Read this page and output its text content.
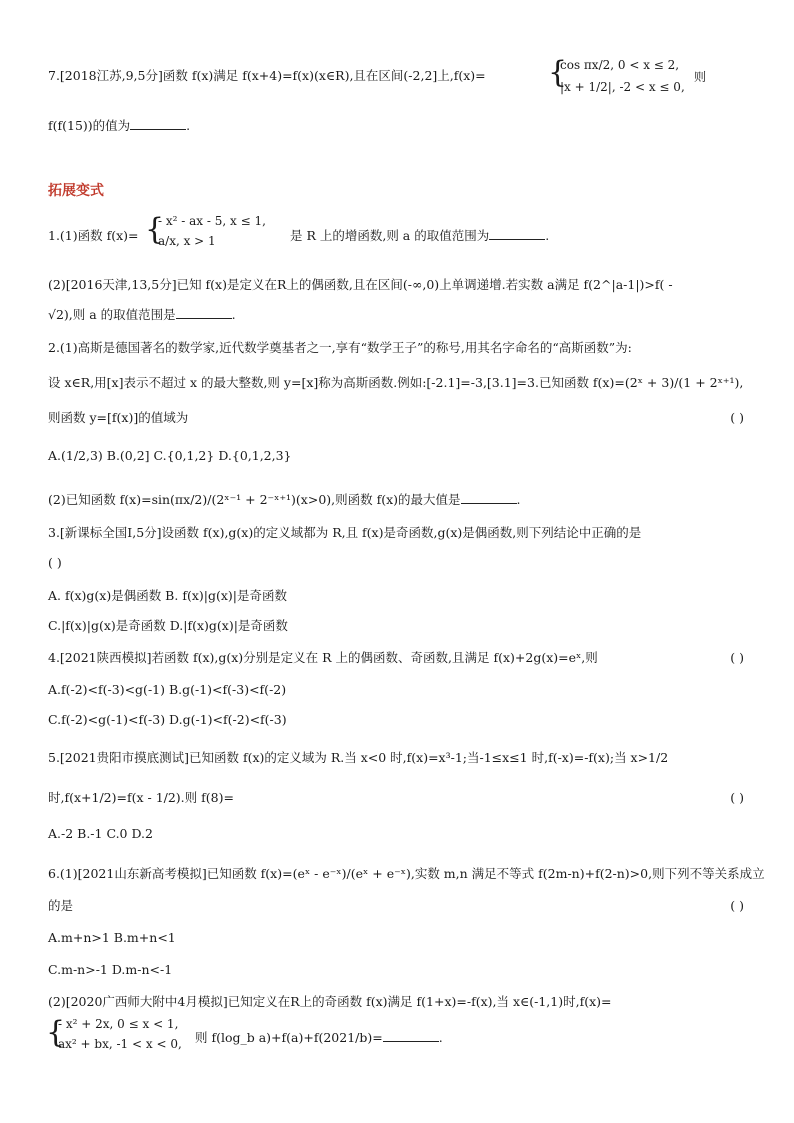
7.[2018江苏,9,5分]函数 f(x)满足 f(x+4)=f(x)(x∈R),且在区间(-2,2]上,f(x)= {
cos πx/2, 0 < x ≤ 2,
|x + 1/2|, -2 < x ≤ 0,
则
f(f(15))的值为	.
拓展变式
1.(1)函数 f(x)= {
- x² - ax - 5, x ≤ 1,
a/x, x > 1	是 R 上的增函数,则 a 的取值范围为	.
(2)[2016天津,13,5分]已知 f(x)是定义在R上的偶函数,且在区间(-∞,0)上单调递增.若实数 a满足 f(2^|a-1|)>f( -
√2),则 a 的取值范围是	.
2.(1)高斯是德国著名的数学家,近代数学奠基者之一,享有“数学王子”的称号,用其名字命名的“高斯函数”为:
设 x∈R,用[x]表示不超过 x 的最大整数,则 y=[x]称为高斯函数.例如:[-2.1]=-3,[3.1]=3.已知函数 f(x)=(2ˣ + 3)/(1 + 2ˣ⁺¹),
则函数 y=[f(x)]的值域为	( )
A.(1/2,3) B.(0,2] C.{0,1,2} D.{0,1,2,3}
(2)已知函数 f(x)=sin(πx/2)/(2ˣ⁻¹ + 2⁻ˣ⁺¹)(x>0),则函数 f(x)的最大值是	.
3.[新课标全国Ⅰ,5分]设函数 f(x),g(x)的定义域都为 R,且 f(x)是奇函数,g(x)是偶函数,则下列结论中正确的是
( )
A. f(x)g(x)是偶函数 B. f(x)|g(x)|是奇函数
C.|f(x)|g(x)是奇函数 D.|f(x)g(x)|是奇函数
4.[2021陕西模拟]若函数 f(x),g(x)分别是定义在 R 上的偶函数、奇函数,且满足 f(x)+2g(x)=eˣ,则	( )
A.f(-2)<f(-3)<g(-1) B.g(-1)<f(-3)<f(-2)
C.f(-2)<g(-1)<f(-3) D.g(-1)<f(-2)<f(-3)
5.[2021贵阳市摸底测试]已知函数 f(x)的定义域为 R.当 x<0 时,f(x)=x³-1;当-1≤x≤1 时,f(-x)=-f(x);当 x>1/2
时,f(x+1/2)=f(x - 1/2).则 f(8)=	( )
A.-2 B.-1 C.0 D.2
6.(1)[2021山东新高考模拟]已知函数 f(x)=(eˣ - e⁻ˣ)/(eˣ + e⁻ˣ),实数 m,n 满足不等式 f(2m-n)+f(2-n)>0,则下列不等关系成立
的是	( )
A.m+n>1 B.m+n<1
C.m-n>-1 D.m-n<-1
(2)[2020广西师大附中4月模拟]已知定义在R上的奇函数 f(x)满足 f(1+x)=-f(x),当 x∈(-1,1)时,f(x)=
{
- x² + 2x, 0 ≤ x < 1,
ax² + bx, -1 < x < 0, 则 f(log_b a)+f(a)+f(2021/b)=	.
